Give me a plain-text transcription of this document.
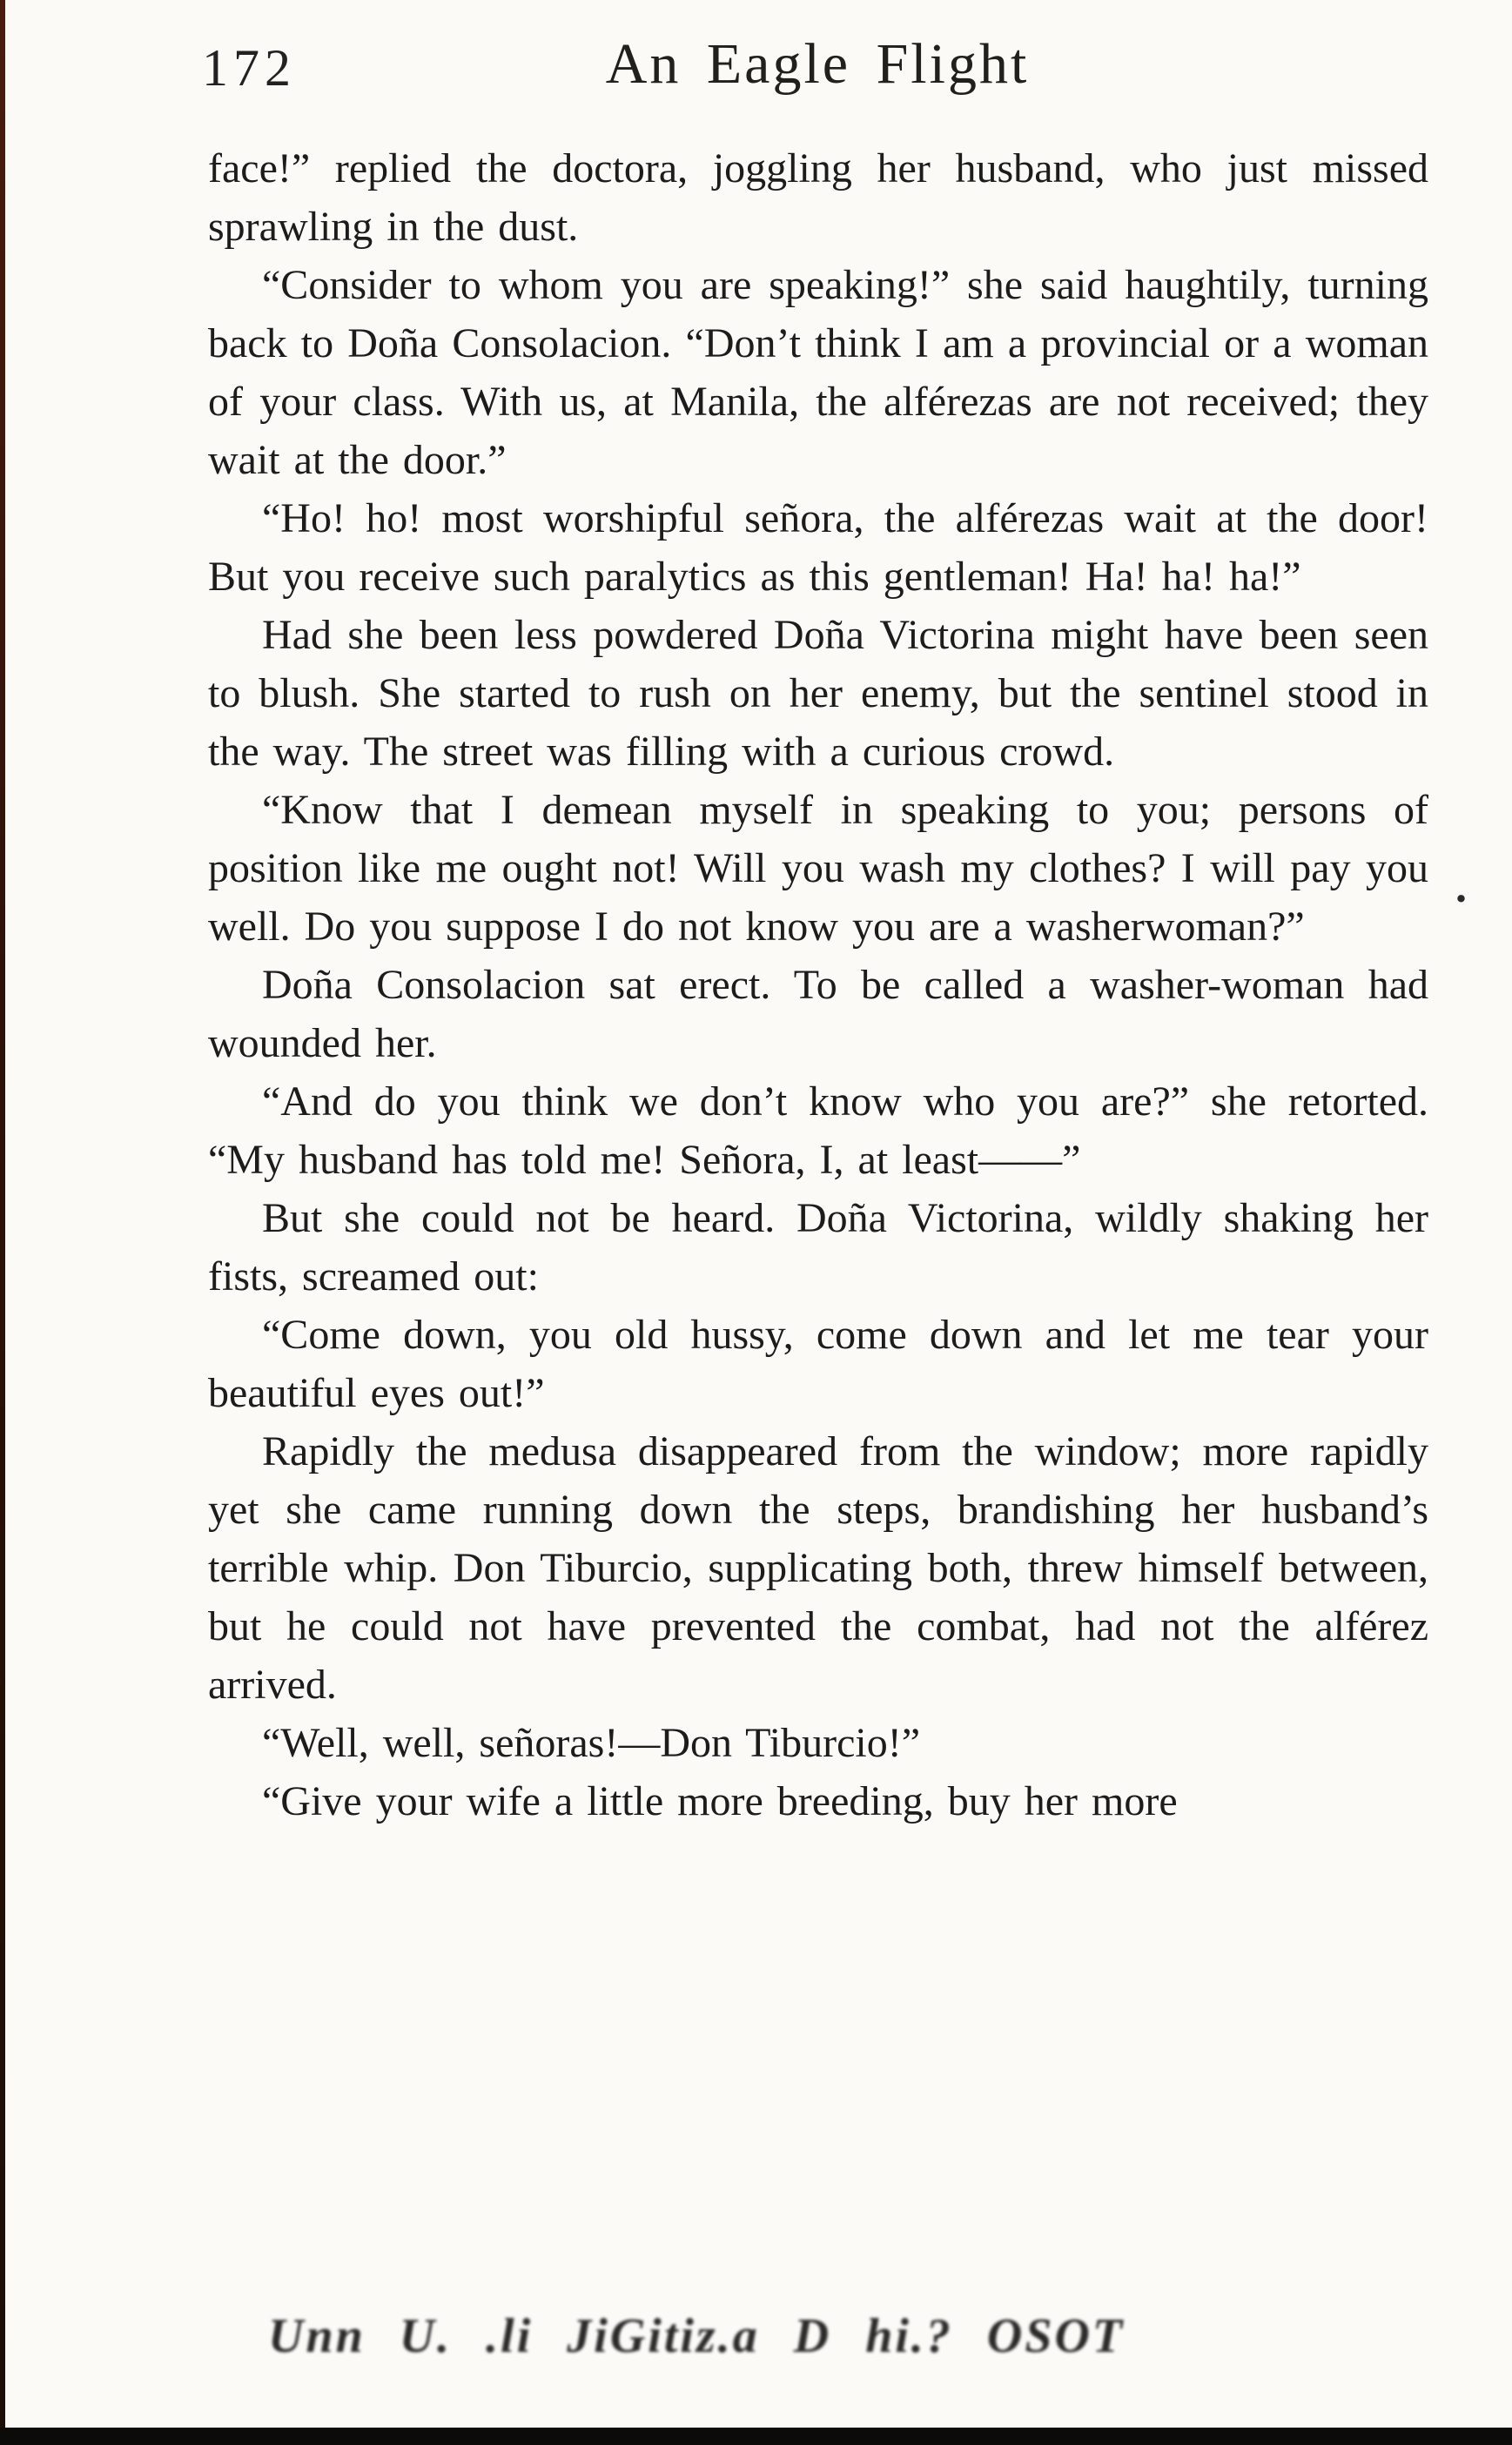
172	An Eagle Flight

face!” replied the doctora, joggling her husband, who just missed sprawling in the dust.

“Consider to whom you are speaking!” she said haughtily, turning back to Doña Consolacion. “Don’t think I am a provincial or a woman of your class. With us, at Manila, the alférezas are not received; they wait at the door.”

“Ho! ho! most worshipful señora, the alférezas wait at the door! But you receive such paralytics as this gentleman! Ha! ha! ha!”

Had she been less powdered Doña Victorina might have been seen to blush. She started to rush on her enemy, but the sentinel stood in the way. The street was filling with a curious crowd.

“Know that I demean myself in speaking to you; persons of position like me ought not! Will you wash my clothes? I will pay you well. Do you suppose I do not know you are a washerwoman?”

Doña Consolacion sat erect. To be called a washer-woman had wounded her.

“And do you think we don’t know who you are?” she retorted. “My husband has told me! Señora, I, at least——”

But she could not be heard. Doña Victorina, wildly shaking her fists, screamed out:

“Come down, you old hussy, come down and let me tear your beautiful eyes out!”

Rapidly the medusa disappeared from the window; more rapidly yet she came running down the steps, brandishing her husband’s terrible whip. Don Tiburcio, supplicating both, threw himself between, but he could not have prevented the combat, had not the alférez arrived.

“Well, well, señoras!—Don Tiburcio!”

“Give your wife a little more breeding, buy her more

.
Unn U. .li JiGitiz.a D hi.? OSOT
